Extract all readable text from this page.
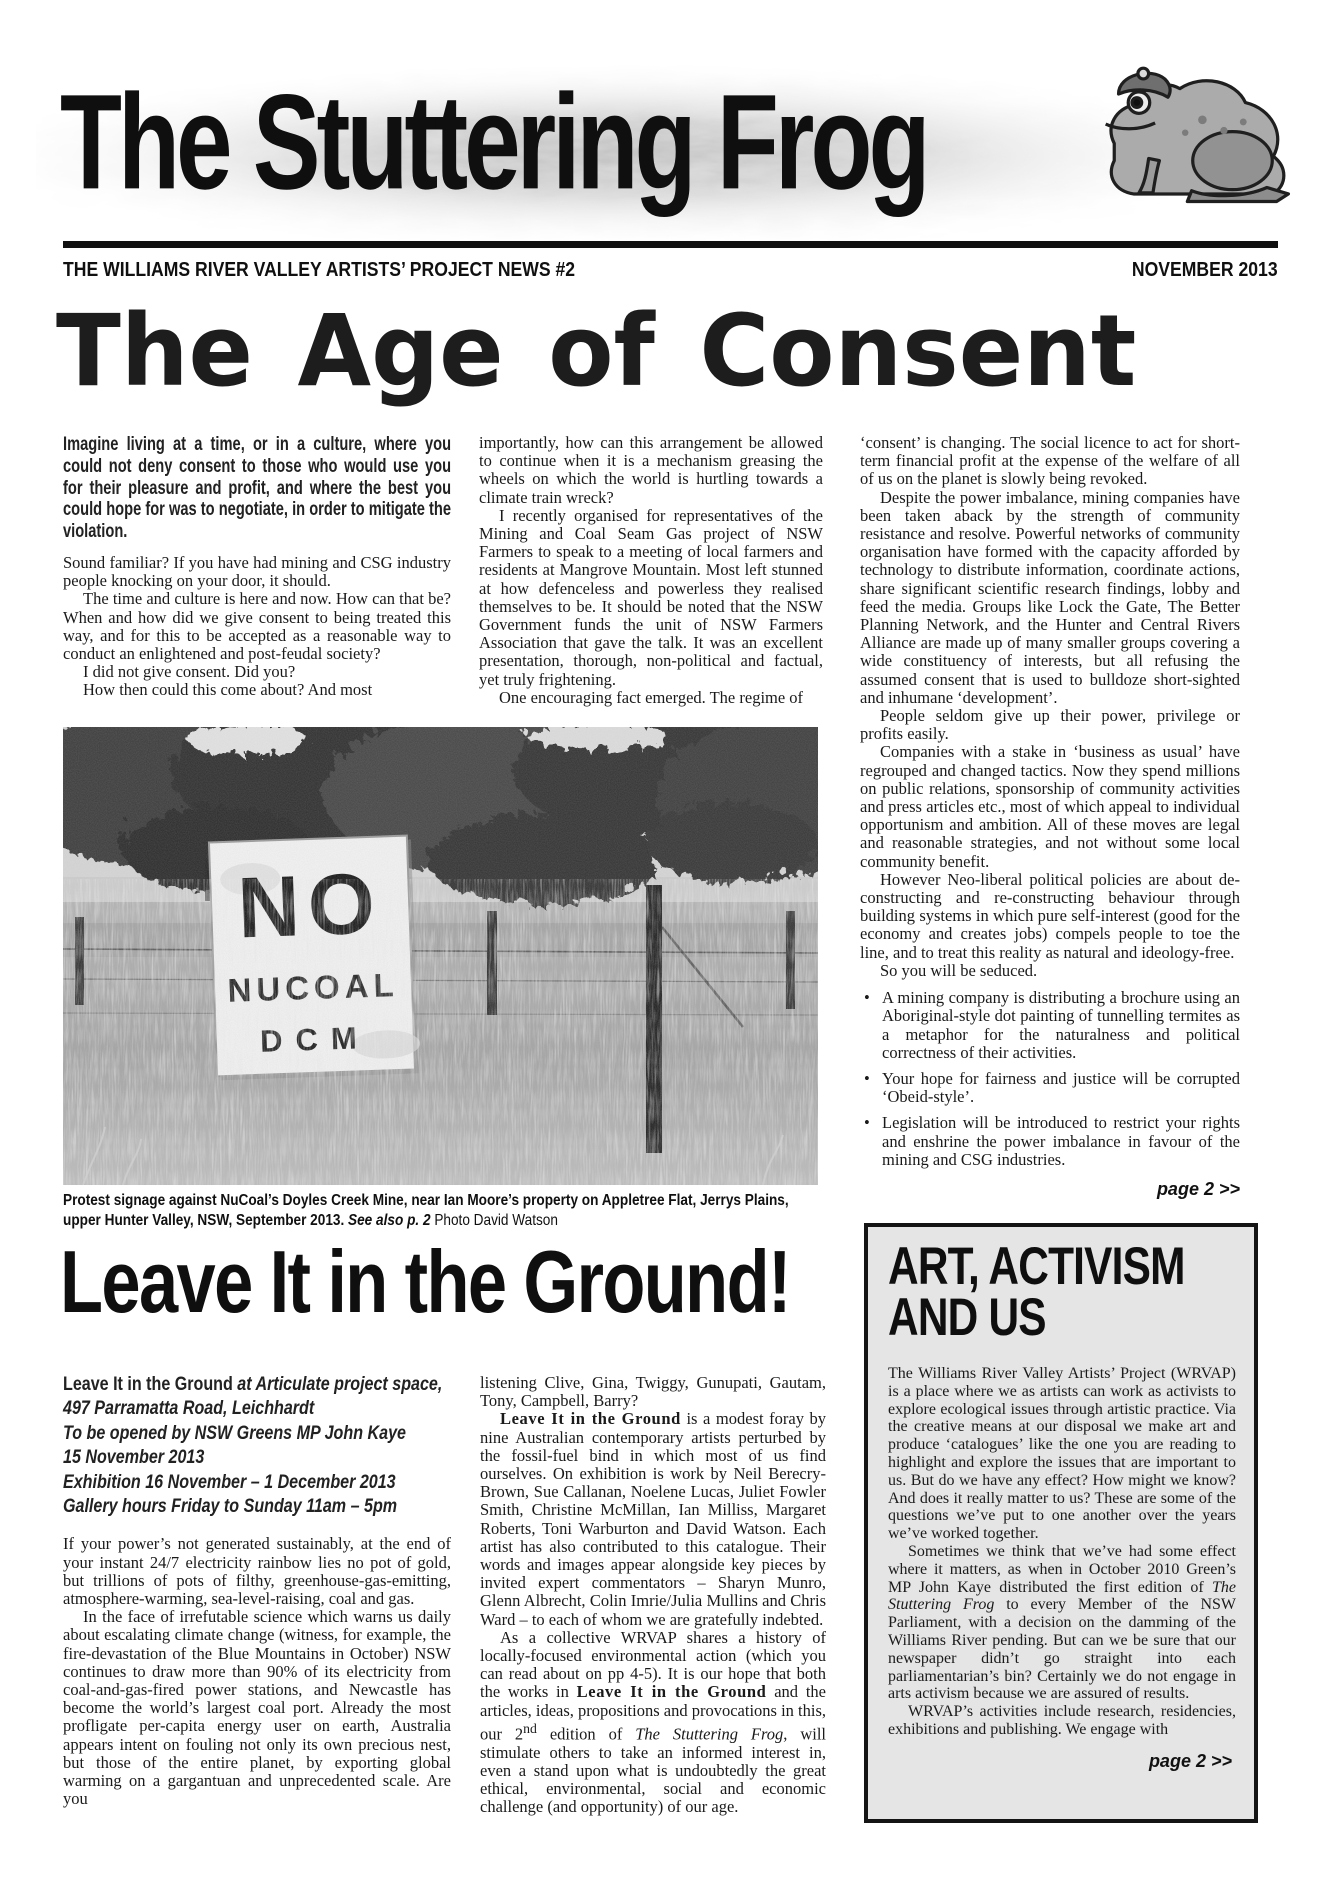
The Stuttering Frog
THE WILLIAMS RIVER VALLEY ARTISTS’ PROJECT NEWS #2	NOVEMBER 2013
The Age of Consent

Imagine living at a time, or in a culture, where you could not deny consent to those who would use you for their pleasure and profit, and where the best you could hope for was to negotiate, in order to mitigate the violation.

Sound familiar? If you have had mining and CSG industry people knocking on your door, it should.

The time and culture is here and now. How can that be? When and how did we give consent to being treated this way, and for this to be accepted as a reasonable way to conduct an enlightened and post-feudal society?

I did not give consent. Did you?

How then could this come about? And most

importantly, how can this arrangement be allowed to continue when it is a mechanism greasing the wheels on which the world is hurtling towards a climate train wreck?

I recently organised for representatives of the Mining and Coal Seam Gas project of NSW Farmers to speak to a meeting of local farmers and residents at Mangrove Mountain. Most left stunned at how defenceless and powerless they realised themselves to be. It should be noted that the NSW Government funds the unit of NSW Farmers Association that gave the talk. It was an excellent presentation, thorough, non-political and factual, yet truly frightening.

One encouraging fact emerged. The regime of

‘consent’ is changing. The social licence to act for short-term financial profit at the expense of the welfare of all of us on the planet is slowly being revoked.

Despite the power imbalance, mining companies have been taken aback by the strength of community resistance and resolve. Powerful networks of community organisation have formed with the capacity afforded by technology to distribute information, coordinate actions, share significant scientific research findings, lobby and feed the media. Groups like Lock the Gate, The Better Planning Network, and the Hunter and Central Rivers Alliance are made up of many smaller groups covering a wide constituency of interests, but all refusing the assumed consent that is used to bulldoze short-sighted and inhumane ‘development’.

People seldom give up their power, privilege or profits easily.

Companies with a stake in ‘business as usual’ have regrouped and changed tactics. Now they spend millions on public relations, sponsorship of community activities and press articles etc., most of which appeal to individual opportunism and ambition. All of these moves are legal and reasonable strategies, and not without some local community benefit.

However Neo-liberal political policies are about de-constructing and re-constructing behaviour through building systems in which pure self-interest (good for the economy and creates jobs) compels people to toe the line, and to treat this reality as natural and ideology-free.

So you will be seduced.

• A mining company is distributing a brochure using an Aboriginal-style dot painting of tunnelling termites as a metaphor for the naturalness and political correctness of their activities.
• Your hope for fairness and justice will be corrupted ‘Obeid-style’.
• Legislation will be introduced to restrict your rights and enshrine the power imbalance in favour of the mining and CSG industries.
page 2 >>
Protest signage against NuCoal’s Doyles Creek Mine, near Ian Moore’s property on Appletree Flat, Jerrys Plains, upper Hunter Valley, NSW, September 2013. See also p. 2 Photo David Watson
Leave It in the Ground!
Leave It in the Ground at Articulate project space, 497 Parramatta Road, Leichhardt
To be opened by NSW Greens MP John Kaye
15 November 2013
Exhibition 16 November – 1 December 2013
Gallery hours Friday to Sunday 11am – 5pm

If your power’s not generated sustainably, at the end of your instant 24/7 electricity rainbow lies no pot of gold, but trillions of pots of filthy, greenhouse-gas-emitting, atmosphere-warming, sea-level-raising, coal and gas.

In the face of irrefutable science which warns us daily about escalating climate change (witness, for example, the fire-devastation of the Blue Mountains in October) NSW continues to draw more than 90% of its electricity from coal-and-gas-fired power stations, and Newcastle has become the world’s largest coal port. Already the most profligate per-capita energy user on earth, Australia appears intent on fouling not only its own precious nest, but those of the entire planet, by exporting global warming on a gargantuan and unprecedented scale. Are you

listening Clive, Gina, Twiggy, Gunupati, Gautam, Tony, Campbell, Barry?

Leave It in the Ground is a modest foray by nine Australian contemporary artists perturbed by the fossil-fuel bind in which most of us find ourselves. On exhibition is work by Neil Berecry-Brown, Sue Callanan, Noelene Lucas, Juliet Fowler Smith, Christine McMillan, Ian Milliss, Margaret Roberts, Toni Warburton and David Watson. Each artist has also contributed to this catalogue. Their words and images appear alongside key pieces by invited expert commentators – Sharyn Munro, Glenn Albrecht, Colin Imrie/Julia Mullins and Chris Ward – to each of whom we are gratefully indebted.

As a collective WRVAP shares a history of locally-focused environmental action (which you can read about on pp 4-5). It is our hope that both the works in Leave It in the Ground and the articles, ideas, propositions and provocations in this, our 2nd edition of The Stuttering Frog, will stimulate others to take an informed interest in, even a stand upon what is undoubtedly the great ethical, environmental, social and economic challenge (and opportunity) of our age.

ART, ACTIVISM
AND US

The Williams River Valley Artists’ Project (WRVAP) is a place where we as artists can work as activists to explore ecological issues through artistic practice. Via the creative means at our disposal we make art and produce ‘catalogues’ like the one you are reading to highlight and explore the issues that are important to us. But do we have any effect? How might we know? And does it really matter to us? These are some of the questions we’ve put to one another over the years we’ve worked together.

Sometimes we think that we’ve had some effect where it matters, as when in October 2010 Green’s MP John Kaye distributed the first edition of The Stuttering Frog to every Member of the NSW Parliament, with a decision on the damming of the Williams River pending. But can we be sure that our newspaper didn’t go straight into each parliamentarian’s bin? Certainly we do not engage in arts activism because we are assured of results.

WRVAP’s activities include research, residencies, exhibitions and publishing. We engage with

page 2 >>
